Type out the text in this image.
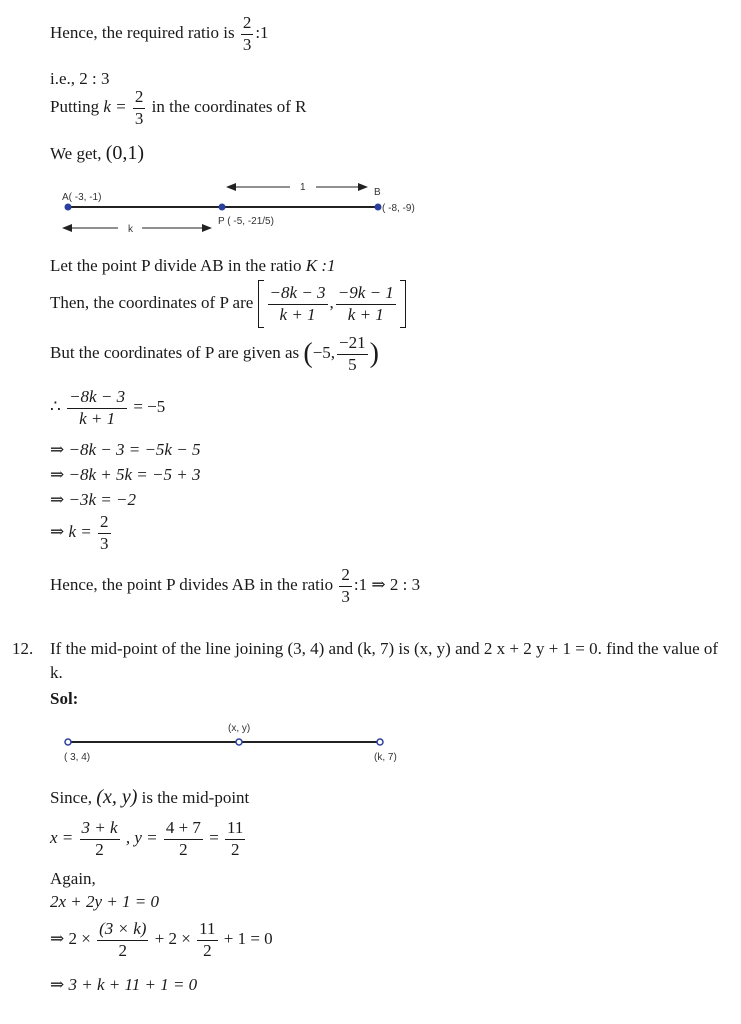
Hence, the required ratio is $\frac{2}{3}$ :1
i.e., 2 : 3
Putting $k = \frac{2}{3}$ in the coordinates of R
We get, (0,1)
A( -3, -1)	B
( -8, -9)
P ( -5, -21/5)
1
k
Let the point P divide AB in the ratio K :1
Then, the coordinates of P are $\frac{-8k - 3}{k + 1}$ , $\frac{-9k - 1}{k + 1}$
But the coordinates of P are given as (−5, $\frac{-21}{5}$ )
∴ $\frac{-8k - 3}{k + 1} = -5$
⇒ −8k − 3 = −5k − 5
⇒ −8k + 5k = −5 + 3
⇒ −3k = −2
⇒ $k = \frac{2}{3}$
Hence, the point P divides AB in the ratio $\frac{2}{3}$ :1 ⇒ 2 : 3
12. If the mid-point of the line joining (3, 4) and (k, 7) is (x, y) and 2 x + 2 y + 1 = 0. find the value of k.
Sol:
( 3, 4)
(x, y)
(k, 7)
Since, (x, y) is the mid-point
$x = \frac{3 + k}{2}$ , $y = \frac{4 + 7}{2} = \frac{11}{2}$
Again,
2x + 2y + 1 = 0
⇒ $2 \times \frac{(3 \times k)}{2} + 2 \times \frac{11}{2} + 1 = 0$
⇒ 3 + k + 11 + 1 = 0
